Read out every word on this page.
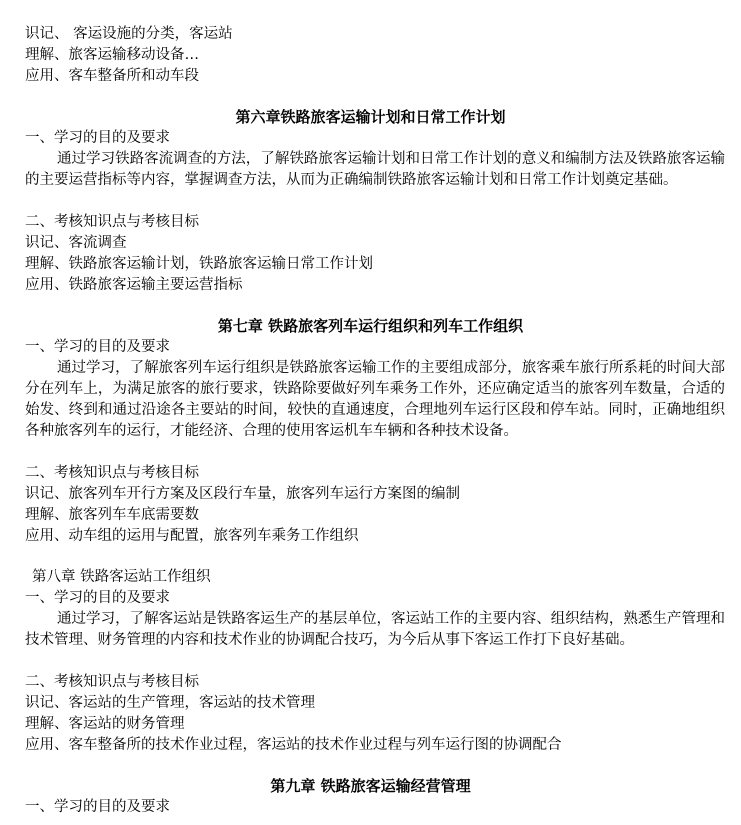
识记、 客运设施的分类，客运站
理解、旅客运输移动设备…
应用、客车整备所和动车段
第六章铁路旅客运输计划和日常工作计划
一、学习的目的及要求
通过学习铁路客流调查的方法，了解铁路旅客运输计划和日常工作计划的意义和编制方法及铁路旅客运输的主要运营指标等内容，掌握调查方法，从而为正确编制铁路旅客运输计划和日常工作计划奠定基础。
二、考核知识点与考核目标
识记、客流调查
理解、铁路旅客运输计划，铁路旅客运输日常工作计划
应用、铁路旅客运输主要运营指标
第七章 铁路旅客列车运行组织和列车工作组织
一、学习的目的及要求
通过学习，了解旅客列车运行组织是铁路旅客运输工作的主要组成部分，旅客乘车旅行所系耗的时间大部分在列车上，为满足旅客的旅行要求，铁路除要做好列车乘务工作外，还应确定适当的旅客列车数量，合适的始发、终到和通过沿途各主要站的时间，较快的直通速度，合理地列车运行区段和停车站。同时，正确地组织各种旅客列车的运行，才能经济、合理的使用客运机车车辆和各种技术设备。
二、考核知识点与考核目标
识记、旅客列车开行方案及区段行车量，旅客列车运行方案图的编制
理解、旅客列车车底需要数
应用、动车组的运用与配置，旅客列车乘务工作组织
第八章 铁路客运站工作组织
一、学习的目的及要求
通过学习，了解客运站是铁路客运生产的基层单位，客运站工作的主要内容、组织结构，熟悉生产管理和技术管理、财务管理的内容和技术作业的协调配合技巧，为今后从事下客运工作打下良好基础。
二、考核知识点与考核目标
识记、客运站的生产管理，客运站的技术管理
理解、客运站的财务管理
应用、客车整备所的技术作业过程，客运站的技术作业过程与列车运行图的协调配合
第九章 铁路旅客运输经营管理
一、学习的目的及要求
